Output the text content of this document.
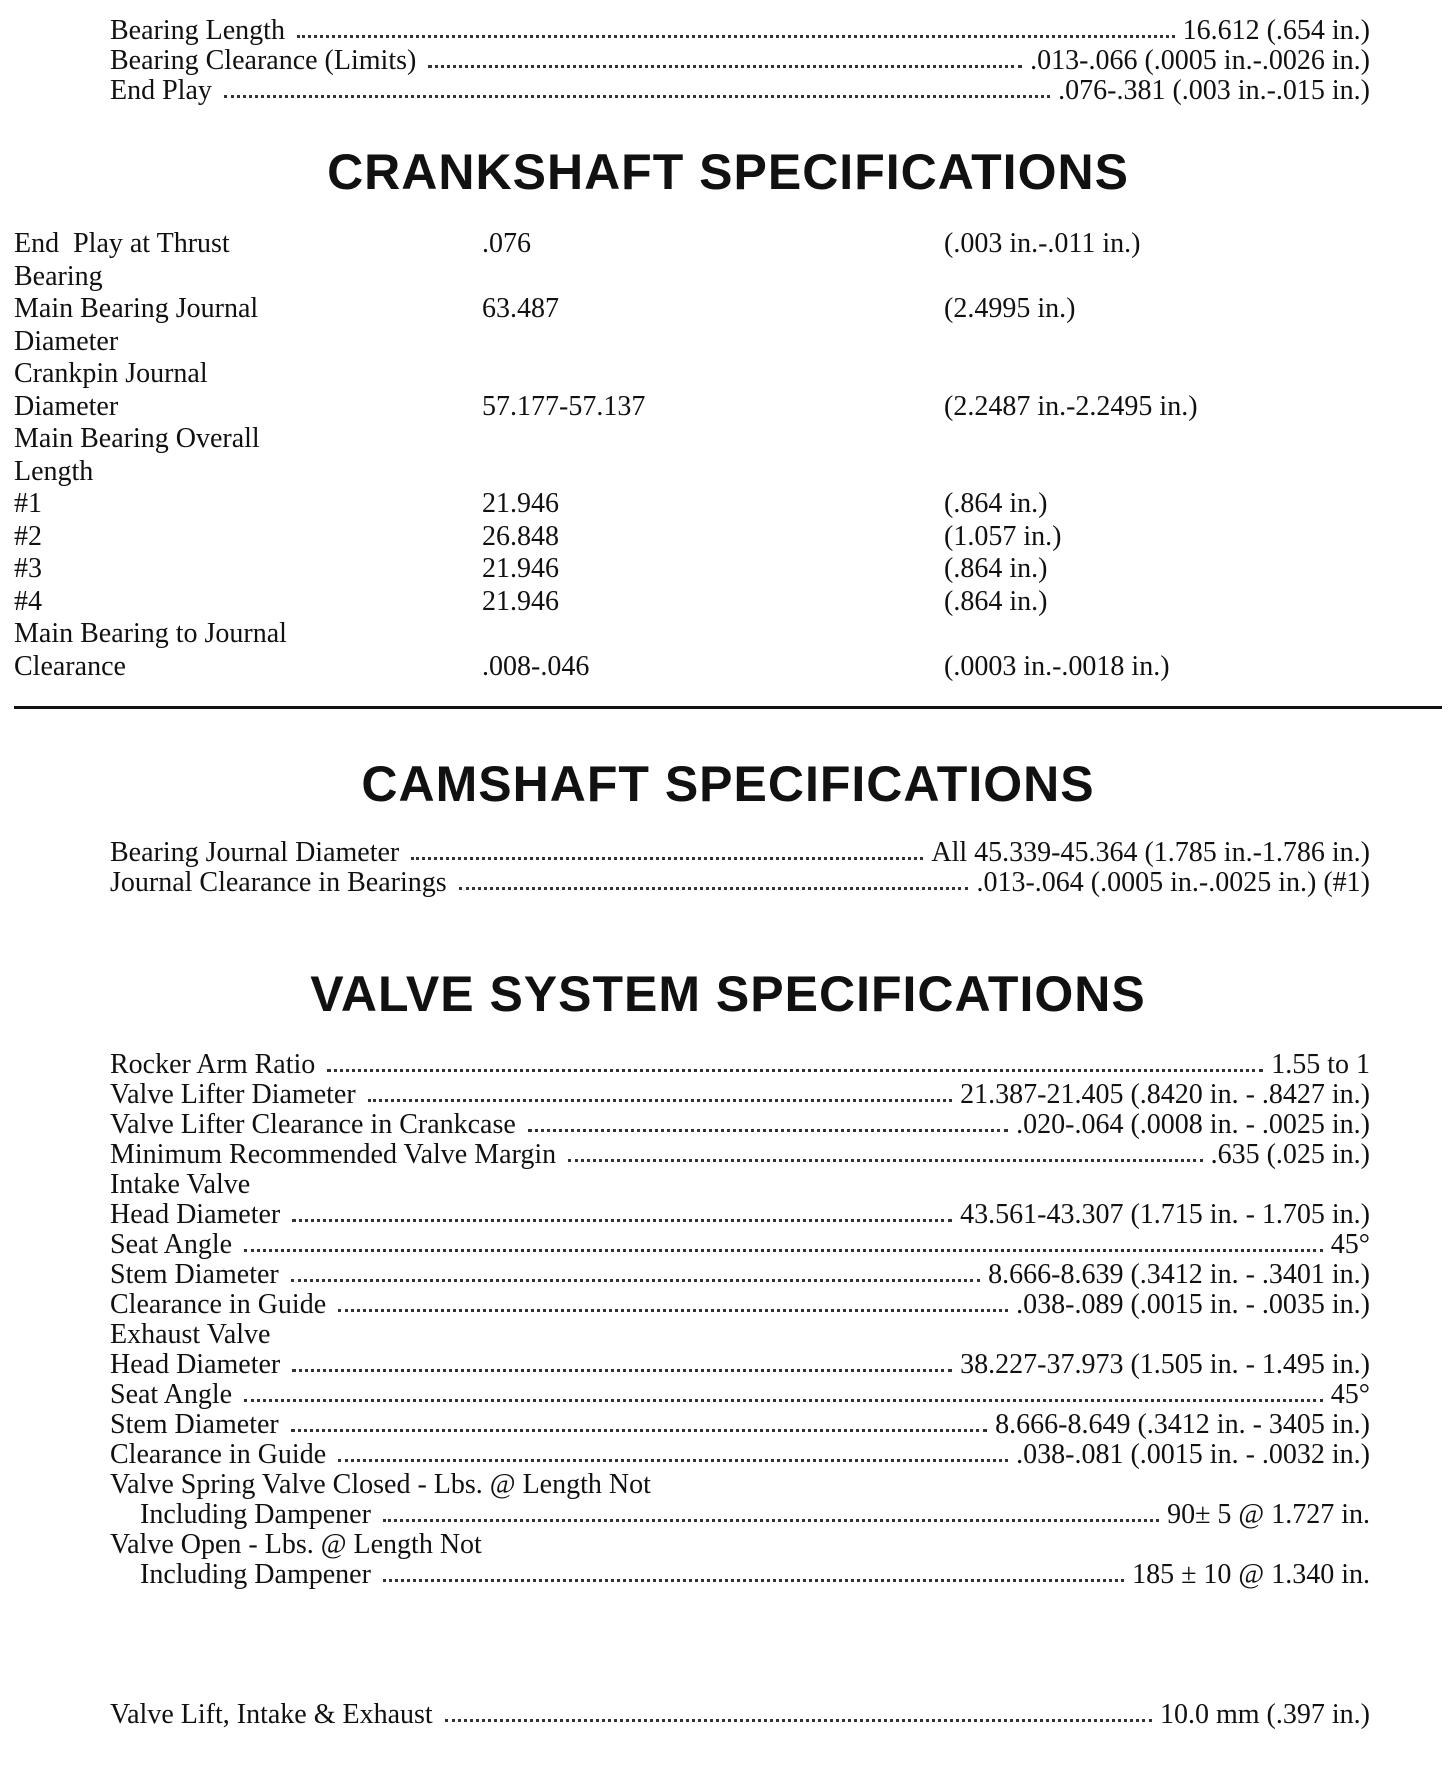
Bearing Length	16.612 (.654 in.)
Bearing Clearance (Limits)	.013-.066 (.0005 in.-.0026 in.)
End Play	.076-.381 (.003 in.-.015 in.)
CRANKSHAFT SPECIFICATIONS
End  Play at Thrust	.076	(.003 in.-.011 in.)
Bearing
Main Bearing Journal	63.487	(2.4995 in.)
Diameter
Crankpin Journal
Diameter	57.177-57.137	(2.2487 in.-2.2495 in.)
Main Bearing Overall
Length
#1	21.946	(.864 in.)
#2	26.848	(1.057 in.)
#3	21.946	(.864 in.)
#4	21.946	(.864 in.)
Main Bearing to Journal
Clearance	.008-.046	(.0003 in.-.0018 in.)
CAMSHAFT SPECIFICATIONS
Bearing Journal Diameter	All 45.339-45.364 (1.785 in.-1.786 in.)
Journal Clearance in Bearings	.013-.064 (.0005 in.-.0025 in.) (#1)
VALVE SYSTEM SPECIFICATIONS
Rocker Arm Ratio	1.55 to 1
Valve Lifter Diameter	21.387-21.405 (.8420 in. - .8427 in.)
Valve Lifter Clearance in Crankcase	.020-.064 (.0008 in. - .0025 in.)
Minimum Recommended Valve Margin	.635 (.025 in.)
Intake Valve
Head Diameter	43.561-43.307 (1.715 in. - 1.705 in.)
Seat Angle	45°
Stem Diameter	8.666-8.639 (.3412 in. - .3401 in.)
Clearance in Guide	.038-.089 (.0015 in. - .0035 in.)
Exhaust Valve
Head Diameter	38.227-37.973 (1.505 in. - 1.495 in.)
Seat Angle	45°
Stem Diameter	8.666-8.649 (.3412 in. - 3405 in.)
Clearance in Guide	.038-.081 (.0015 in. - .0032 in.)
Valve Spring Valve Closed - Lbs. @ Length Not
Including Dampener	90± 5 @ 1.727 in.
Valve Open - Lbs. @ Length Not
Including Dampener	185 ± 10 @ 1.340 in.
Valve Lift, Intake & Exhaust	10.0 mm (.397 in.)
